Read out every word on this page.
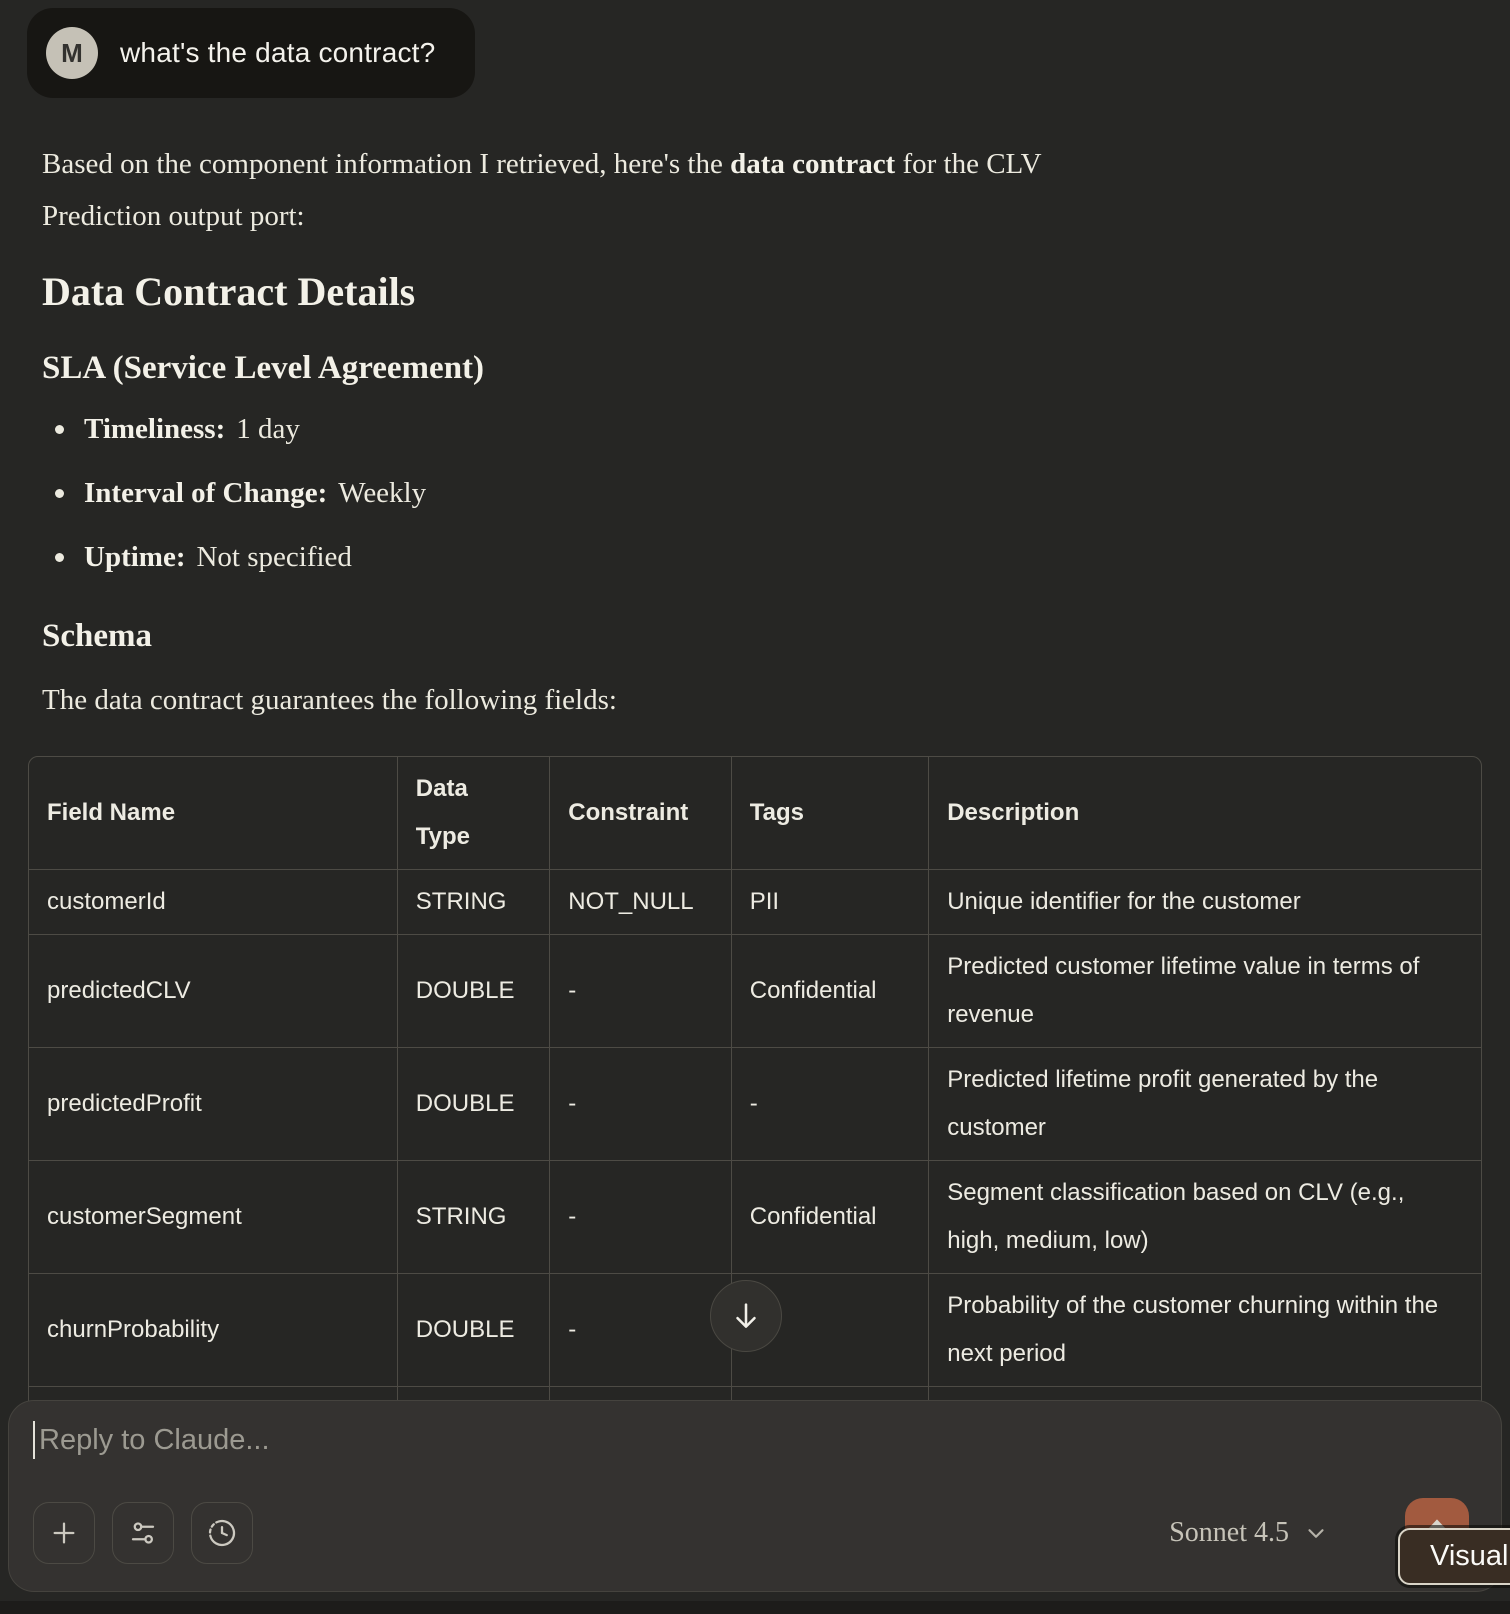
M	what's the data contract?

Based on the component information I retrieved, here's the data contract for the CLV
Prediction output port:

Data Contract Details
SLA (Service Level Agreement)
Timeliness: 1 day
Interval of Change: Weekly
Uptime: Not specified
Schema

The data contract guarantees the following fields:

Field Name	Data Type	Constraint	Tags	Description
customerId	STRING	NOT_NULL	PII	Unique identifier for the customer
predictedCLV	DOUBLE	-	Confidential	Predicted customer lifetime value in terms of revenue
predictedProfit	DOUBLE	-	-	Predicted lifetime profit generated by the customer
customerSegment	STRING	-	Confidential	Segment classification based on CLV (e.g., high, medium, low)
churnProbability	DOUBLE	-		Probability of the customer churning within the next period

Reply to Claude...
Sonnet 4.5
Visual
